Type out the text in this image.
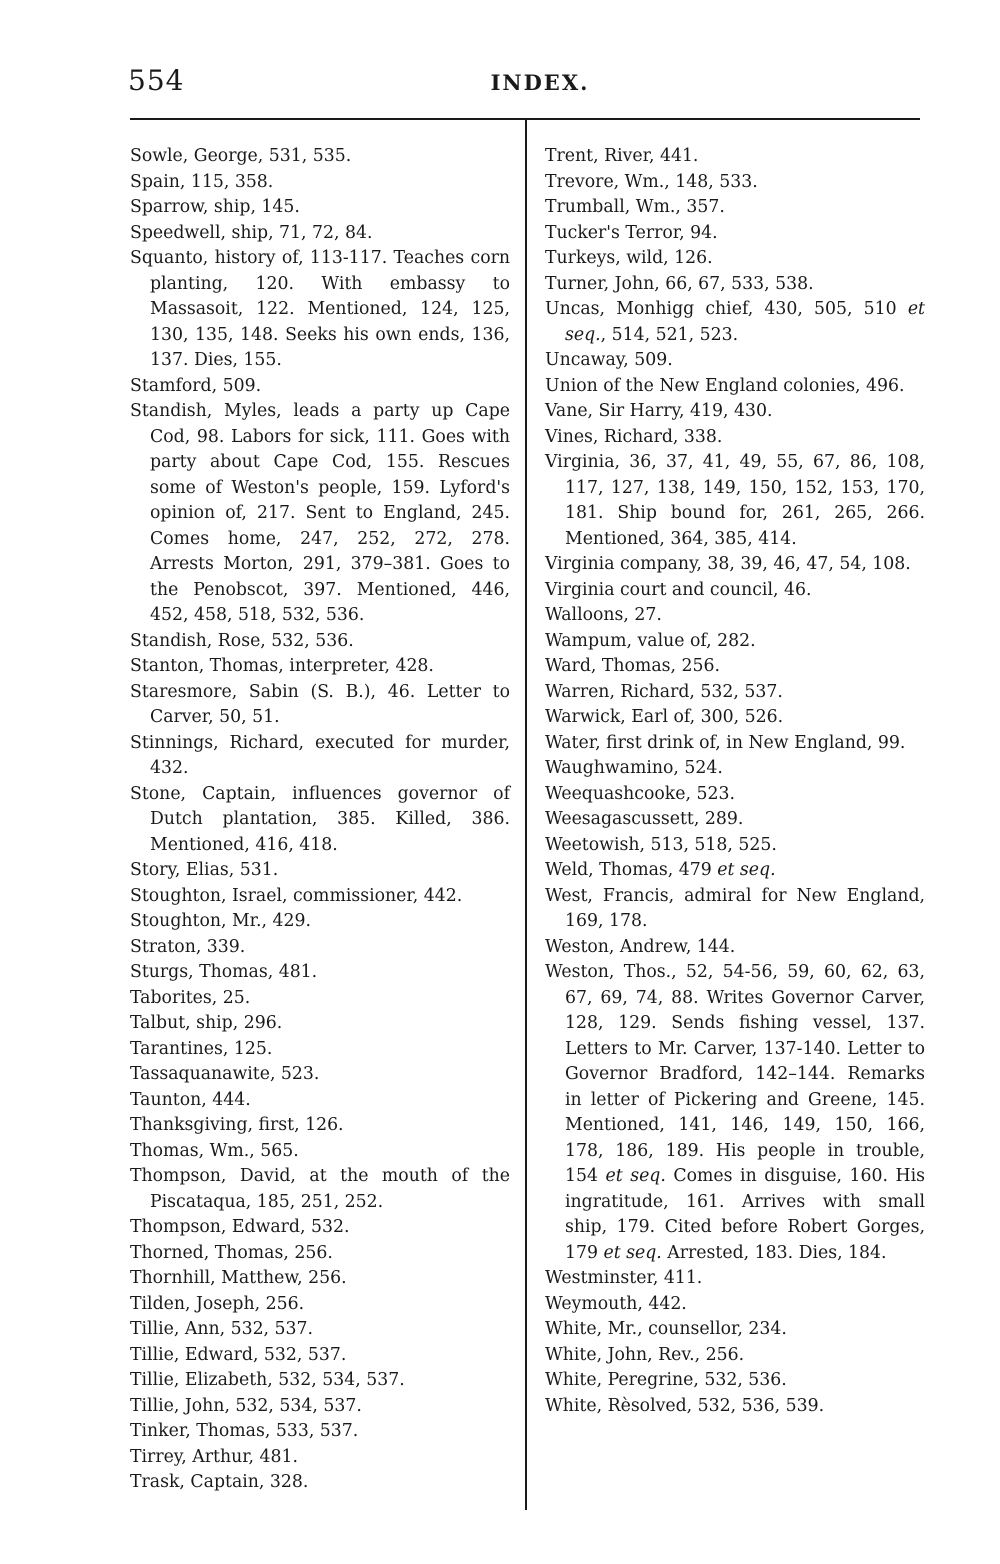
554	INDEX.
Sowle, George, 531, 535.
Spain, 115, 358.
Sparrow, ship, 145.
Speedwell, ship, 71, 72, 84.
Squanto, history of, 113-117. Teaches corn planting, 120. With embassy to Massasoit, 122. Mentioned, 124, 125, 130, 135, 148. Seeks his own ends, 136, 137. Dies, 155.
Stamford, 509.
Standish, Myles, leads a party up Cape Cod, 98. Labors for sick, 111. Goes with party about Cape Cod, 155. Rescues some of Weston's people, 159. Lyford's opinion of, 217. Sent to England, 245. Comes home, 247, 252, 272, 278. Arrests Morton, 291, 379–381. Goes to the Penobscot, 397. Mentioned, 446, 452, 458, 518, 532, 536.
Standish, Rose, 532, 536.
Stanton, Thomas, interpreter, 428.
Staresmore, Sabin (S. B.), 46. Letter to Carver, 50, 51.
Stinnings, Richard, executed for murder, 432.
Stone, Captain, influences governor of Dutch plantation, 385. Killed, 386. Mentioned, 416, 418.
Story, Elias, 531.
Stoughton, Israel, commissioner, 442.
Stoughton, Mr., 429.
Straton, 339.
Sturgs, Thomas, 481.
Taborites, 25.
Talbut, ship, 296.
Tarantines, 125.
Tassaquanawite, 523.
Taunton, 444.
Thanksgiving, first, 126.
Thomas, Wm., 565.
Thompson, David, at the mouth of the Piscataqua, 185, 251, 252.
Thompson, Edward, 532.
Thorned, Thomas, 256.
Thornhill, Matthew, 256.
Tilden, Joseph, 256.
Tillie, Ann, 532, 537.
Tillie, Edward, 532, 537.
Tillie, Elizabeth, 532, 534, 537.
Tillie, John, 532, 534, 537.
Tinker, Thomas, 533, 537.
Tirrey, Arthur, 481.
Trask, Captain, 328.
Trent, River, 441.
Trevore, Wm., 148, 533.
Trumball, Wm., 357.
Tucker's Terror, 94.
Turkeys, wild, 126.
Turner, John, 66, 67, 533, 538.
Uncas, Monhigg chief, 430, 505, 510 et seq., 514, 521, 523.
Uncaway, 509.
Union of the New England colonies, 496.
Vane, Sir Harry, 419, 430.
Vines, Richard, 338.
Virginia, 36, 37, 41, 49, 55, 67, 86, 108, 117, 127, 138, 149, 150, 152, 153, 170, 181. Ship bound for, 261, 265, 266. Mentioned, 364, 385, 414.
Virginia company, 38, 39, 46, 47, 54, 108.
Virginia court and council, 46.
Walloons, 27.
Wampum, value of, 282.
Ward, Thomas, 256.
Warren, Richard, 532, 537.
Warwick, Earl of, 300, 526.
Water, first drink of, in New England, 99.
Waughwamino, 524.
Weequashcooke, 523.
Weesagascussett, 289.
Weetowish, 513, 518, 525.
Weld, Thomas, 479 et seq.
West, Francis, admiral for New England, 169, 178.
Weston, Andrew, 144.
Weston, Thos., 52, 54-56, 59, 60, 62, 63, 67, 69, 74, 88. Writes Governor Carver, 128, 129. Sends fishing vessel, 137. Letters to Mr. Carver, 137-140. Letter to Governor Bradford, 142–144. Remarks in letter of Pickering and Greene, 145. Mentioned, 141, 146, 149, 150, 166, 178, 186, 189. His people in trouble, 154 et seq. Comes in disguise, 160. His ingratitude, 161. Arrives with small ship, 179. Cited before Robert Gorges, 179 et seq. Arrested, 183. Dies, 184.
Westminster, 411.
Weymouth, 442.
White, Mr., counsellor, 234.
White, John, Rev., 256.
White, Peregrine, 532, 536.
White, Rèsolved, 532, 536, 539.
